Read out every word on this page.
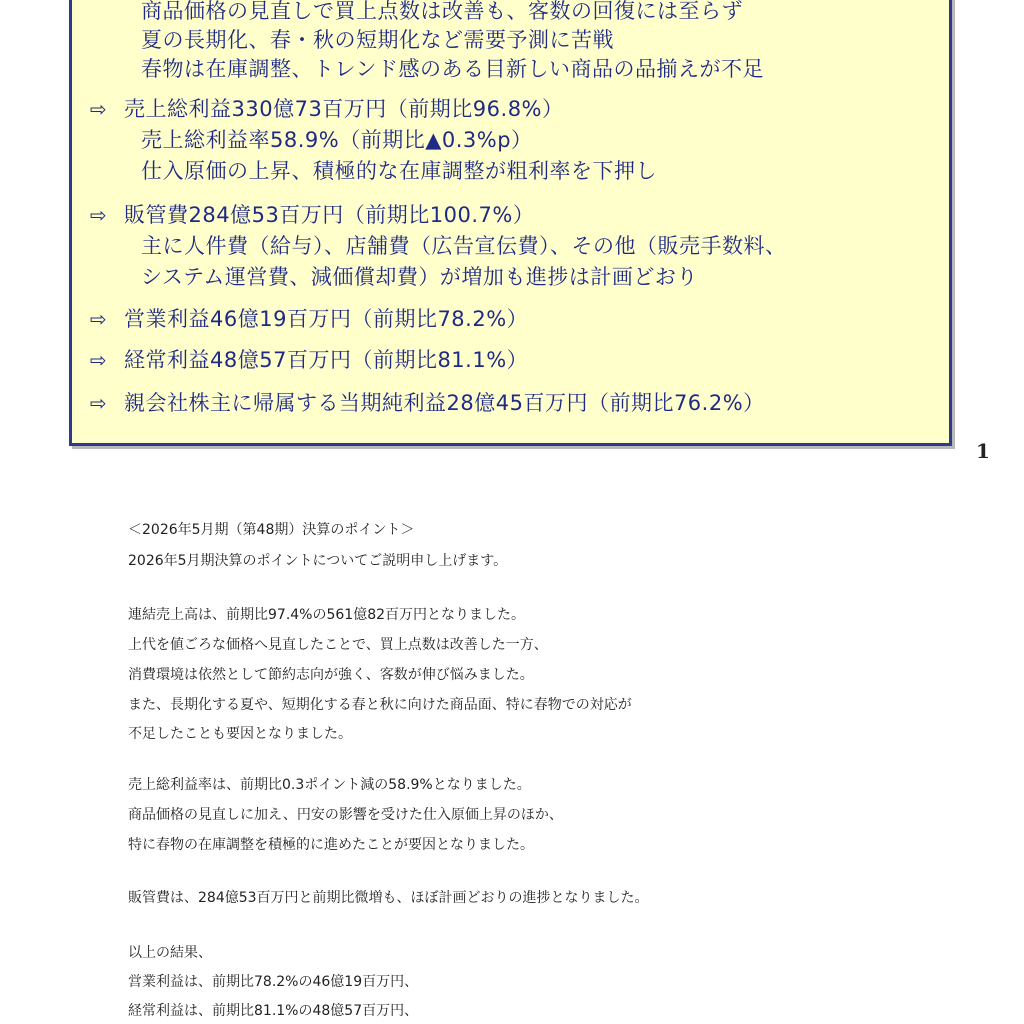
商品価格の見直しで買上点数は改善も、客数の回復には至らず
夏の長期化、春・秋の短期化など需要予測に苦戦
春物は在庫調整、トレンド感のある目新しい商品の品揃えが不足
⇨ 売上総利益330億73百万円（前期比96.8%）
売上総利益率58.9%（前期比▲0.3%p）
仕入原価の上昇、積極的な在庫調整が粗利率を下押し
⇨ 販管費284億53百万円（前期比100.7%）
主に人件費（給与）、店舗費（広告宣伝費）、その他（販売手数料、
システム運営費、減価償却費）が増加も進捗は計画どおり
⇨ 営業利益46億19百万円（前期比78.2%）
⇨ 経常利益48億57百万円（前期比81.1%）
⇨ 親会社株主に帰属する当期純利益28億45百万円（前期比76.2%）
1
＜2026年5月期（第48期）決算のポイント＞
2026年5月期決算のポイントについてご説明申し上げます。
連結売上高は、前期比97.4%の561億82百万円となりました。
上代を値ごろな価格へ見直したことで、買上点数は改善した一方、
消費環境は依然として節約志向が強く、客数が伸び悩みました。
また、長期化する夏や、短期化する春と秋に向けた商品面、特に春物での対応が
不足したことも要因となりました。
売上総利益率は、前期比0.3ポイント減の58.9%となりました。
商品価格の見直しに加え、円安の影響を受けた仕入原価上昇のほか、
特に春物の在庫調整を積極的に進めたことが要因となりました。
販管費は、284億53百万円と前期比微増も、ほぼ計画どおりの進捗となりました。
以上の結果、
営業利益は、前期比78.2%の46億19百万円、
経常利益は、前期比81.1%の48億57百万円、
